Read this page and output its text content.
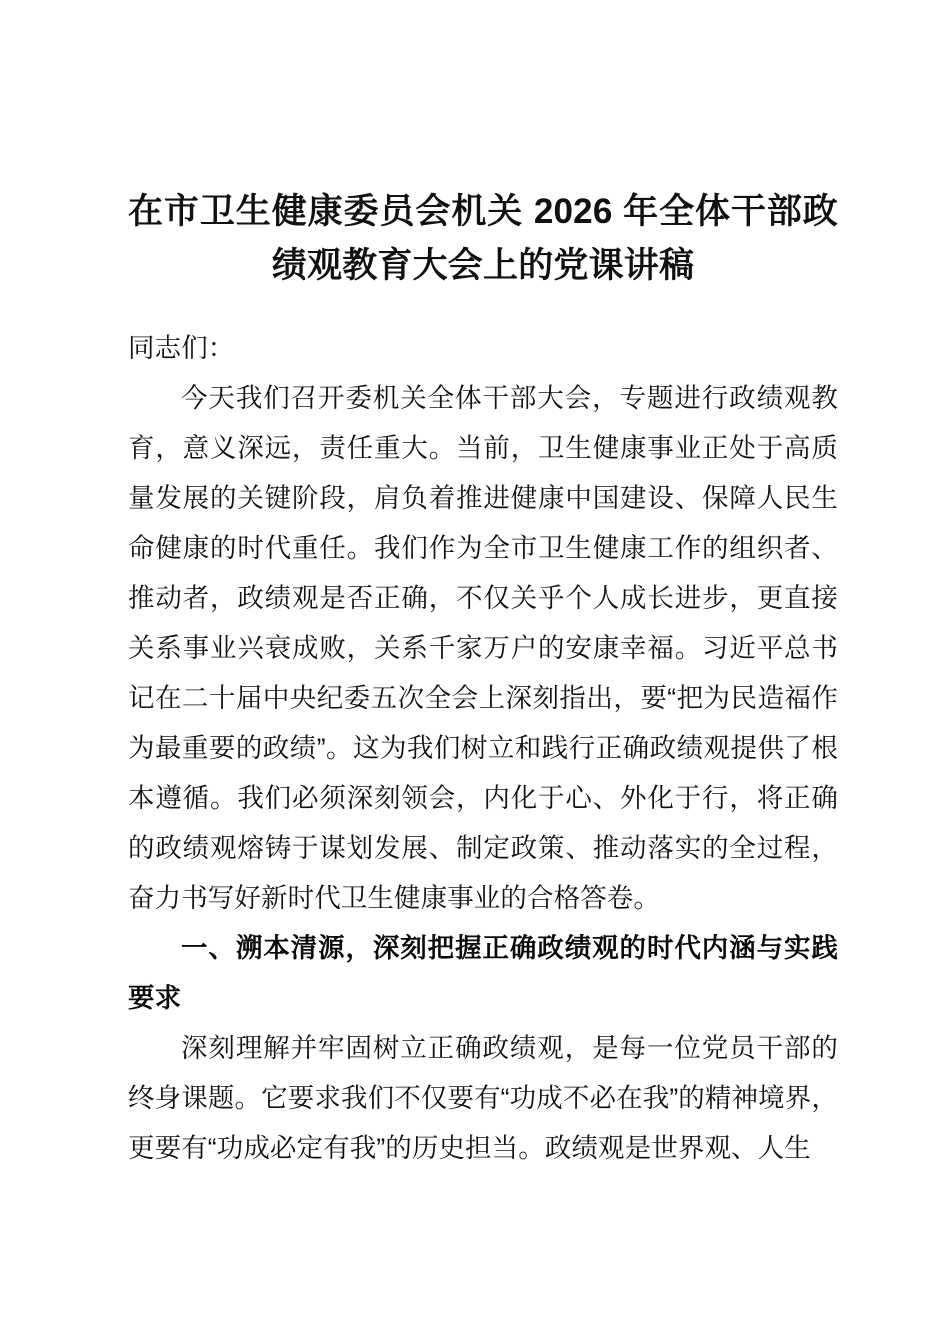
在市卫生健康委员会机关 2026 年全体干部政 绩观教育大会上的党课讲稿

同志们：

今天我们召开委机关全体干部大会，专题进行政绩观教育，意义深远，责任重大。当前，卫生健康事业正处于高质量发展的关键阶段，肩负着推进健康中国建设、保障人民生命健康的时代重任。我们作为全市卫生健康工作的组织者、推动者，政绩观是否正确，不仅关乎个人成长进步，更直接关系事业兴衰成败，关系千家万户的安康幸福。习近平总书记在二十届中央纪委五次全会上深刻指出，要“把为民造福作为最重要的政绩”。这为我们树立和践行正确政绩观提供了根本遵循。我们必须深刻领会，内化于心、外化于行，将正确的政绩观熔铸于谋划发展、制定政策、推动落实的全过程，奋力书写好新时代卫生健康事业的合格答卷。

一、溯本清源，深刻把握正确政绩观的时代内涵与实践要求

深刻理解并牢固树立正确政绩观，是每一位党员干部的终身课题。它要求我们不仅要有“功成不必在我”的精神境界，更要有“功成必定有我”的历史担当。政绩观是世界观、人生
